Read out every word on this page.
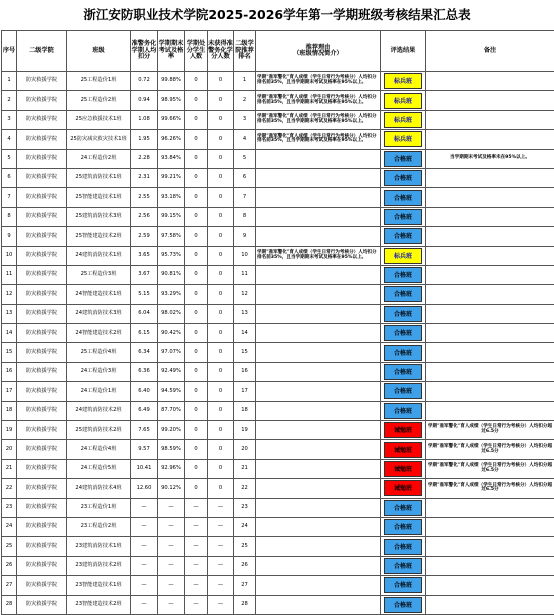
浙江安防职业技术学院2025-2026学年第一学期班级考核结果汇总表
序号	二级学院	班级	准警务化学期人均扣分	学期期末考试及格率	学期处分学生人数	未获得准警务化学分人数	二级学院推荐排名	推荐理由
（班级情况简介）	评选结果	备注
1	防灾救援学院	25工程造价1班	0.72	99.88%	0	0	1	学期"准军警化"育人成绩（学生日常行为考核分）人均扣分排名前35%，且当学期期末考试及格率在95%以上。	标兵班	

2	防灾救援学院	25工程造价2班	0.94	98.95%	0	0	2	学期"准军警化"育人成绩（学生日常行为考核分）人均扣分排名前35%，且当学期期末考试及格率在95%以上。	标兵班	

3	防灾救援学院	25应急救援技术1班	1.08	99.66%	0	0	3	学期"准军警化"育人成绩（学生日常行为考核分）人均扣分排名前35%，且当学期期末考试及格率在95%以上。	标兵班	

4	防灾救援学院	25防灾减灾救灾技术1班	1.95	96.26%	0	0	4	学期"准军警化"育人成绩（学生日常行为考核分）人均扣分排名前35%，且当学期期末考试及格率在95%以上。	标兵班	

5	防灾救援学院	24工程造价2班	2.28	93.84%	0	0	5		合格班	当学期期末考试及格率未在95%以上。
6	防灾救援学院	25建筑消防技术1班	2.31	99.21%	0	0	6		合格班	

7	防灾救援学院	25智能建造技术1班	2.55	93.18%	0	0	7		合格班	

8	防灾救援学院	25建筑消防技术3班	2.56	99.15%	0	0	8		合格班	

9	防灾救援学院	25智能建造技术2班	2.59	97.58%	0	0	9		合格班	

10	防灾救援学院	24建筑消防技术1班	3.65	95.73%	0	0	10	学期"准军警化"育人成绩（学生日常行为考核分）人均扣分排名前35%，且当学期期末考试及格率在95%以上。	标兵班	

11	防灾救援学院	25工程造价3班	3.67	90.81%	0	0	11		合格班	

12	防灾救援学院	24智能建造技术1班	5.15	93.29%	0	0	12		合格班	

13	防灾救援学院	24建筑消防技术3班	6.04	98.02%	0	0	13		合格班	

14	防灾救援学院	24智能建造技术2班	6.15	90.42%	0	0	14		合格班	

15	防灾救援学院	25工程造价4班	6.34	97.07%	0	0	15		合格班	

16	防灾救援学院	24工程造价3班	6.36	92.49%	0	0	16		合格班	

17	防灾救援学院	24工程造价1班	6.40	94.59%	0	0	17		合格班	

18	防灾救援学院	24建筑消防技术2班	6.49	87.70%	0	0	18		合格班	

19	防灾救援学院	25建筑消防技术2班	7.65	99.20%	0	0	19		诫勉班	学期"准军警化"育人成绩（学生日常行为考核分）人均扣分超过6.5分
20	防灾救援学院	24工程造价4班	9.57	98.59%	0	0	20		诫勉班	学期"准军警化"育人成绩（学生日常行为考核分）人均扣分超过6.5分
21	防灾救援学院	24工程造价5班	10.41	92.96%	0	0	21		诫勉班	学期"准军警化"育人成绩（学生日常行为考核分）人均扣分超过6.5分
22	防灾救援学院	24建筑消防技术4班	12.60	90.12%	0	0	22		诫勉班	学期"准军警化"育人成绩（学生日常行为考核分）人均扣分超过6.5分
23	防灾救援学院	23工程造价1班	—	—	—	—	23		合格班	

24	防灾救援学院	23工程造价2班	—	—	—	—	24		合格班	

25	防灾救援学院	23建筑消防技术1班	—	—	—	—	25		合格班	

26	防灾救援学院	23建筑消防技术2班	—	—	—	—	26		合格班	

27	防灾救援学院	23智能建造技术1班	—	—	—	—	27		合格班	

28	防灾救援学院	23智能建造技术2班	—	—	—	—	28		合格班	
